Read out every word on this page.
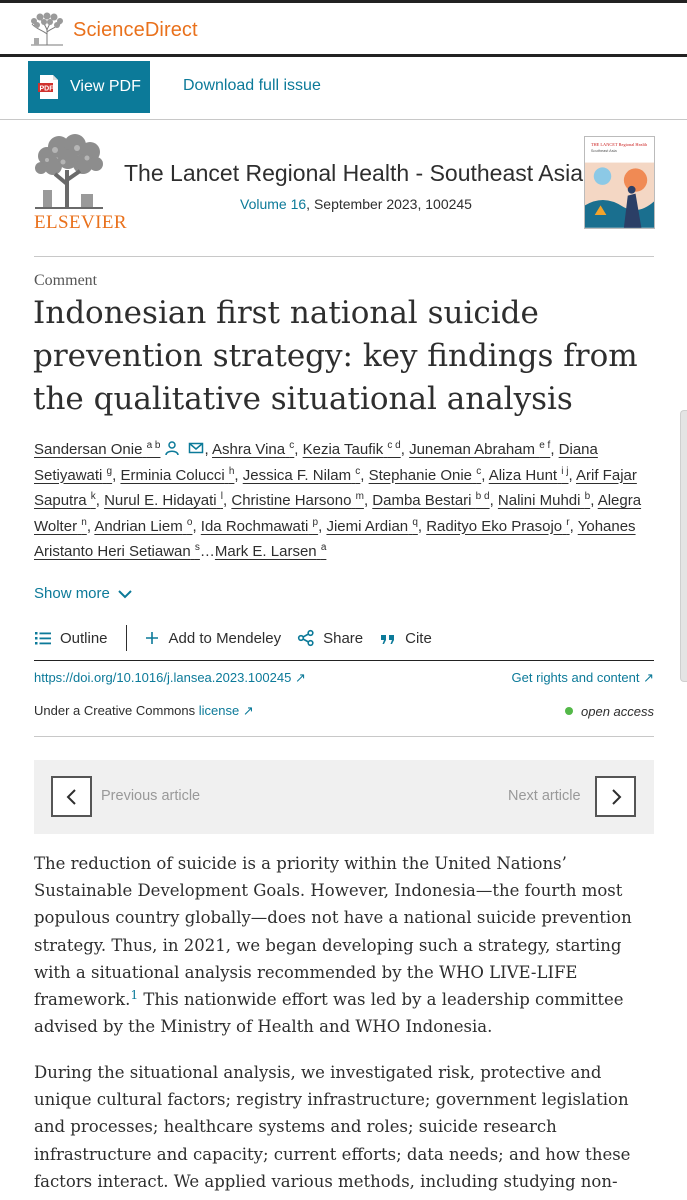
ScienceDirect
PDF View PDF	Download full issue
ELSEVIER
The Lancet Regional Health - Southeast Asia
Volume 16, September 2023, 100245
THE LANCET Regional Health
Southeast Asia
Comment
Indonesian first national suicide prevention strategy: key findings from the qualitative situational analysis
Sandersan Onie $^{a b}$	, Ashra Vina $^c$, Kezia Taufik $^{c d}$, Juneman Abraham $^{e f}$, Diana Setiyawati $^g$, Erminia Colucci $^h$, Jessica F. Nilam $^c$, Stephanie Onie $^c$, Aliza Hunt $^{i j}$, Arif Fajar Saputra $^k$, Nurul E. Hidayati $^l$, Christine Harsono $^m$, Damba Bestari $^{b d}$, Nalini Muhdi $^b$, Alegra Wolter $^n$, Andrian Liem $^o$, Ida Rochmawati $^p$, Jiemi Ardian $^q$, Radityo Eko Prasojo $^r$, Yohanes Aristanto Heri Setiawan $^s$…Mark E. Larsen $^a$
Show more
Outline	Add to Mendeley	Share	Cite
https://doi.org/10.1016/j.lansea.2023.100245 ↗	Get rights and content ↗
Under a Creative Commons license ↗	open access
Previous article	Next article

The reduction of suicide is a priority within the United Nations’ Sustainable Development Goals. However, Indonesia—the fourth most populous country globally—does not have a national suicide prevention strategy. Thus, in 2021, we began developing such a strategy, starting with a situational analysis recommended by the WHO LIVE-LIFE framework.$^1$ This nationwide effort was led by a leadership committee advised by the Ministry of Health and WHO Indonesia.

During the situational analysis, we investigated risk, protective and unique cultural factors; registry infrastructure; government legislation and processes; healthcare systems and roles; suicide research infrastructure and capacity; current efforts; data needs; and how these factors interact. We applied various methods, including studying non-
